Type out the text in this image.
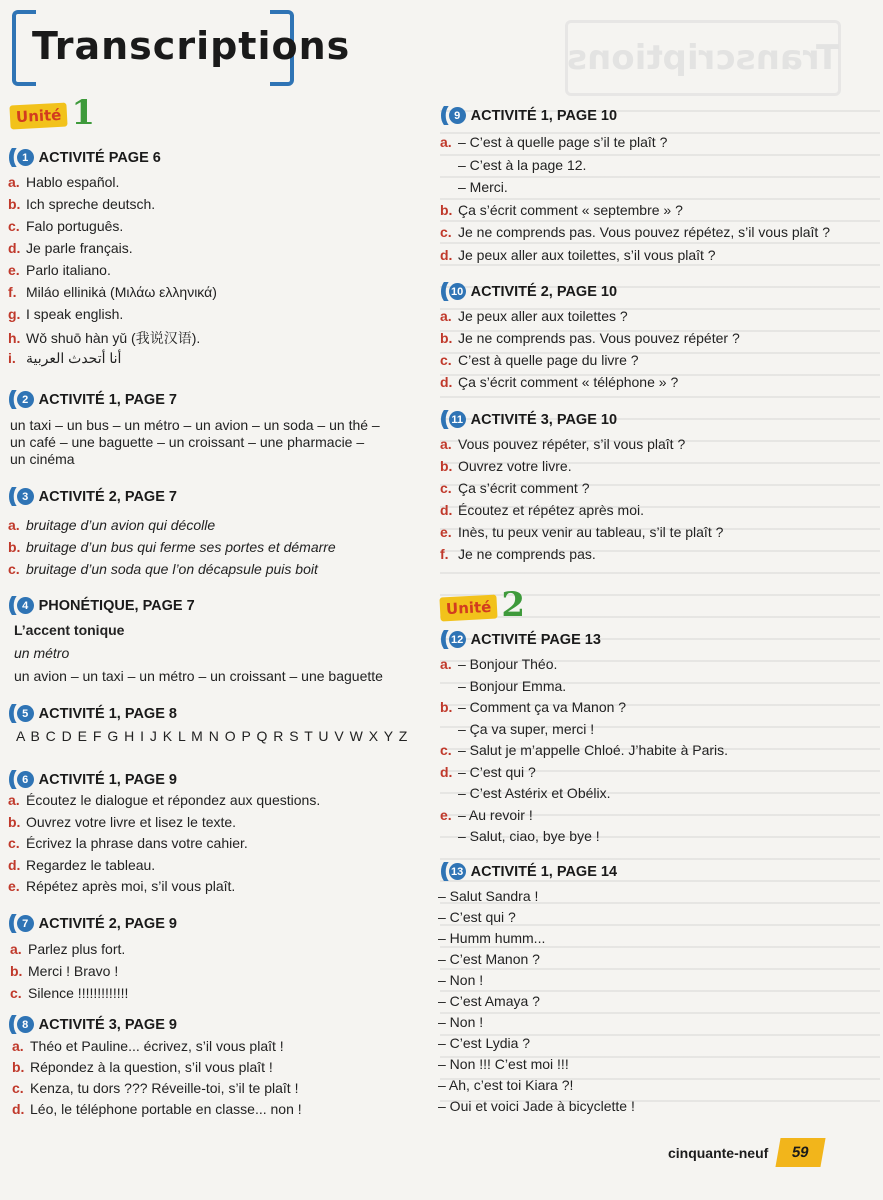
Transcriptions
Transcriptions
Unité 1
((((	1 ACTIVITÉ PAGE 6
a. Hablo español.
b. Ich spreche deutsch.
c. Falo português.
d. Je parle français.
e. Parlo italiano.
f. Miláo ellinikȧ (Μιλάω ελληνικά)
g. I speak english.
h. Wǒ shuō hàn yǔ (我说汉语).
i. أنا أتحدث العربية
((((	2 ACTIVITÉ 1, PAGE 7
un taxi – un bus – un métro – un avion – un soda – un thé –
un café – une baguette – un croissant – une pharmacie –
un cinéma
((((	3 ACTIVITÉ 2, PAGE 7
a. bruitage d’un avion qui décolle
b. bruitage d’un bus qui ferme ses portes et démarre
c. bruitage d’un soda que l’on décapsule puis boit
((((	4 PHONÉTIQUE, PAGE 7
L’accent tonique
un métro
un avion – un taxi – un métro – un croissant – une baguette
((((	5 ACTIVITÉ 1, PAGE 8
A B C D E F G H I J K L M N O P Q R S T U V W X Y Z
((((	6 ACTIVITÉ 1, PAGE 9
a. Écoutez le dialogue et répondez aux questions.
b. Ouvrez votre livre et lisez le texte.
c. Écrivez la phrase dans votre cahier.
d. Regardez le tableau.
e. Répétez après moi, s’il vous plaît.
((((	7 ACTIVITÉ 2, PAGE 9
a. Parlez plus fort.
b. Merci ! Bravo !
c. Silence !!!!!!!!!!!!!
((((	8 ACTIVITÉ 3, PAGE 9
a. Théo et Pauline... écrivez, s’il vous plaît !
b. Répondez à la question, s’il vous plaît !
c. Kenza, tu dors ??? Réveille-toi, s’il te plaît !
d. Léo, le téléphone portable en classe... non !
((((	9 ACTIVITÉ 1, PAGE 10
a. – C’est à quelle page s’il te plaît ?
– C’est à la page 12.
– Merci.
b. Ça s’écrit comment « septembre » ?
c. Je ne comprends pas. Vous pouvez répétez, s’il vous plaît ?
d. Je peux aller aux toilettes, s’il vous plaît ?
(((( 10 ACTIVITÉ 2, PAGE 10
a. Je peux aller aux toilettes ?
b. Je ne comprends pas. Vous pouvez répéter ?
c. C’est à quelle page du livre ?
d. Ça s’écrit comment « téléphone » ?
(((( 11 ACTIVITÉ 3, PAGE 10
a. Vous pouvez répéter, s’il vous plaît ?
b. Ouvrez votre livre.
c. Ça s’écrit comment ?
d. Écoutez et répétez après moi.
e. Inès, tu peux venir au tableau, s’il te plaît ?
f. Je ne comprends pas.
(((( 12 ACTIVITÉ PAGE 13
a. – Bonjour Théo.
– Bonjour Emma.
b. – Comment ça va Manon ?
– Ça va super, merci !
c. – Salut je m’appelle Chloé. J’habite à Paris.
d. – C’est qui ?
– C’est Astérix et Obélix.
e. – Au revoir !
– Salut, ciao, bye bye !
(((( 13 ACTIVITÉ 1, PAGE 14
– Salut Sandra !
– C’est qui ?
– Humm humm...
– C’est Manon ?
– Non !
– C’est Amaya ?
– Non !
– C’est Lydia ?
– Non !!! C’est moi !!!
– Ah, c’est toi Kiara ?!
– Oui et voici Jade à bicyclette !
Unité 2
cinquante-neuf	59
